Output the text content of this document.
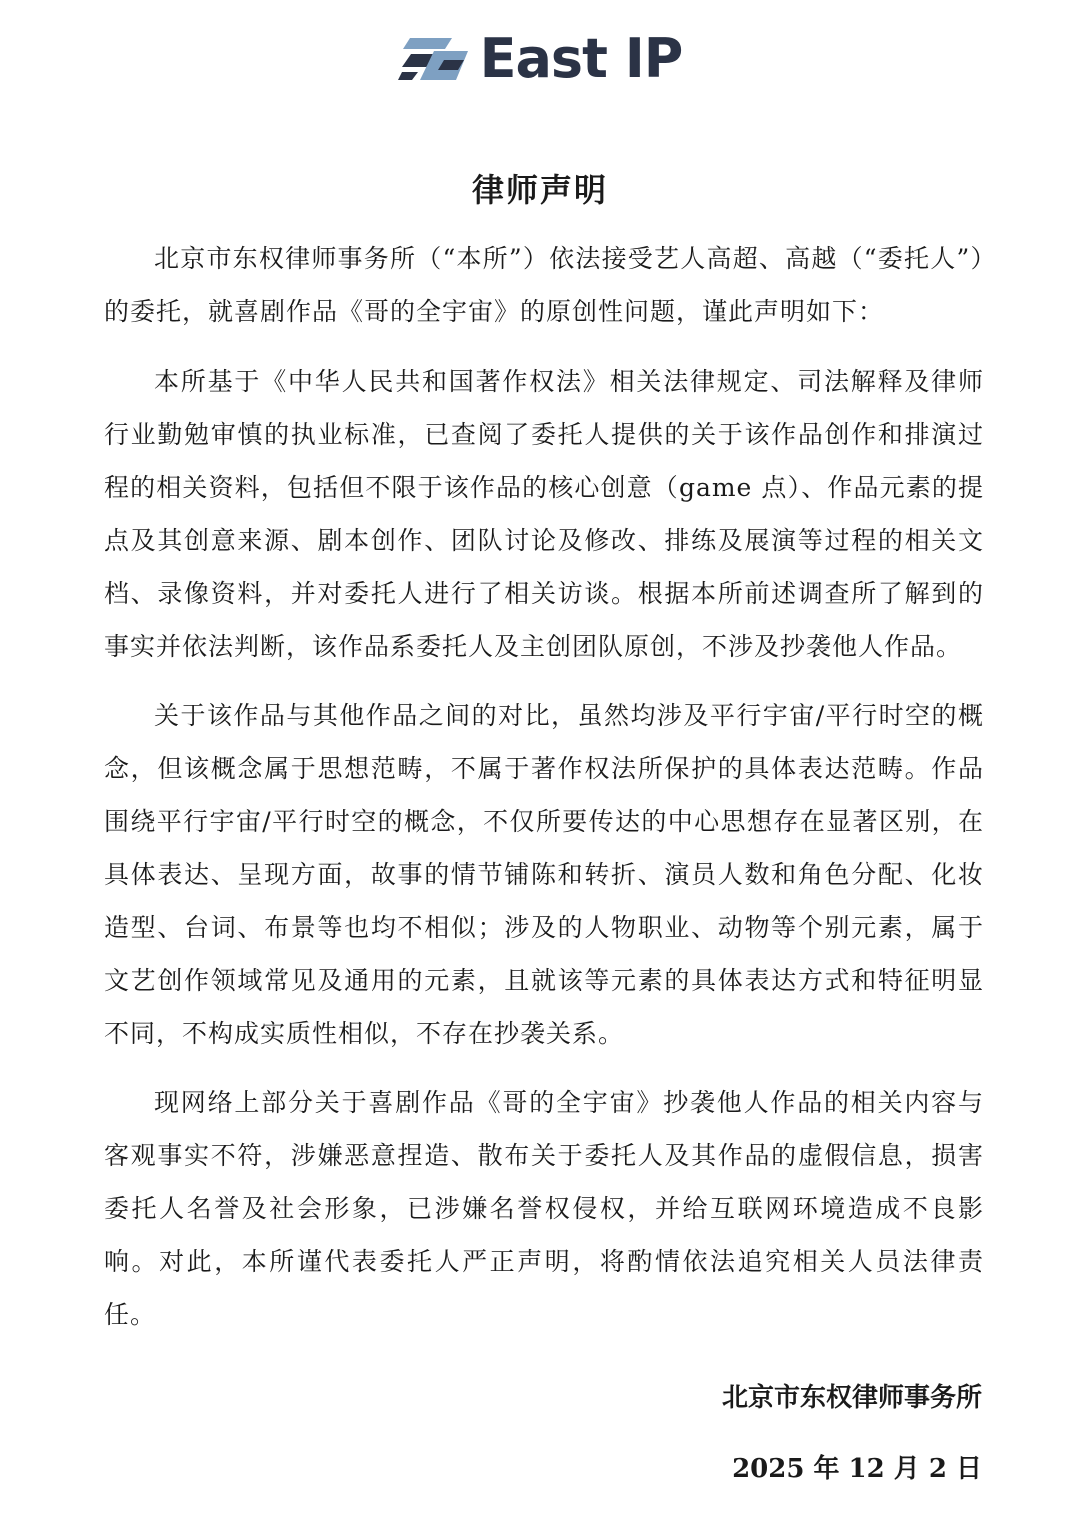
East IP
律师声明

北京市东权律师事务所（“本所”）依法接受艺人高超、高越（“委托人”）的委托，就喜剧作品《哥的全宇宙》的原创性问题，谨此声明如下：

本所基于《中华人民共和国著作权法》相关法律规定、司法解释及律师行业勤勉审慎的执业标准，已查阅了委托人提供的关于该作品创作和排演过程的相关资料，包括但不限于该作品的核心创意（game 点）、作品元素的提点及其创意来源、剧本创作、团队讨论及修改、排练及展演等过程的相关文档、录像资料，并对委托人进行了相关访谈。根据本所前述调查所了解到的事实并依法判断，该作品系委托人及主创团队原创，不涉及抄袭他人作品。

关于该作品与其他作品之间的对比，虽然均涉及平行宇宙/平行时空的概念，但该概念属于思想范畴，不属于著作权法所保护的具体表达范畴。作品围绕平行宇宙/平行时空的概念，不仅所要传达的中心思想存在显著区别，在具体表达、呈现方面，故事的情节铺陈和转折、演员人数和角色分配、化妆造型、台词、布景等也均不相似；涉及的人物职业、动物等个别元素，属于文艺创作领域常见及通用的元素，且就该等元素的具体表达方式和特征明显不同，不构成实质性相似，不存在抄袭关系。

现网络上部分关于喜剧作品《哥的全宇宙》抄袭他人作品的相关内容与客观事实不符，涉嫌恶意捏造、散布关于委托人及其作品的虚假信息，损害委托人名誉及社会形象，已涉嫌名誉权侵权，并给互联网环境造成不良影响。对此，本所谨代表委托人严正声明，将酌情依法追究相关人员法律责任。

北京市东权律师事务所
2025 年 12 月 2 日
